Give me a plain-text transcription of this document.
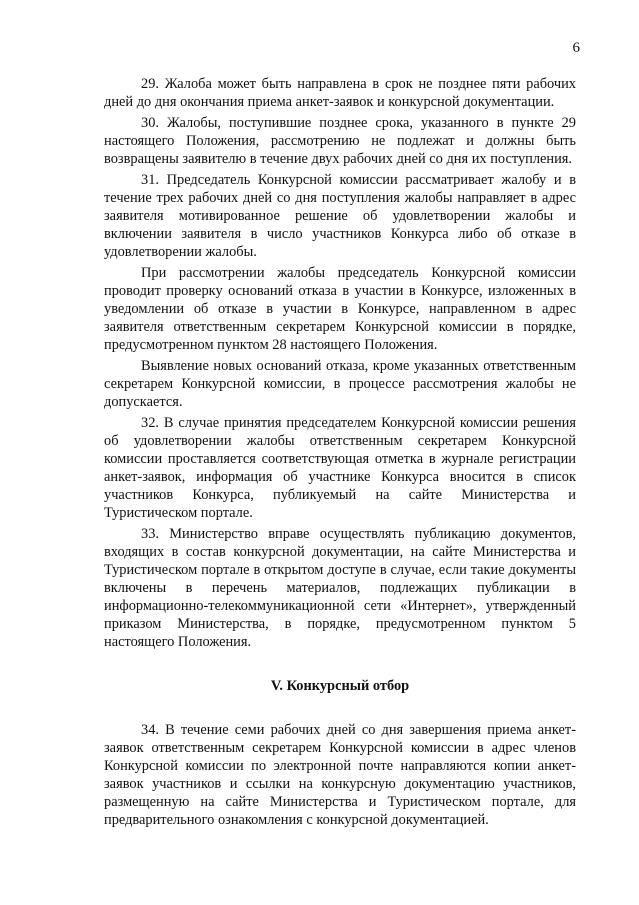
6

29. Жалоба может быть направлена в срок не позднее пяти рабочих дней до дня окончания приема анкет-заявок и конкурсной документации.

30. Жалобы, поступившие позднее срока, указанного в пункте 29 настоящего Положения, рассмотрению не подлежат и должны быть возвращены заявителю в течение двух рабочих дней со дня их поступления.

31. Председатель Конкурсной комиссии рассматривает жалобу и в течение трех рабочих дней со дня поступления жалобы направляет в адрес заявителя мотивированное решение об удовлетворении жалобы и включении заявителя в число участников Конкурса либо об отказе в удовлетворении жалобы.

При рассмотрении жалобы председатель Конкурсной комиссии проводит проверку оснований отказа в участии в Конкурсе, изложенных в уведомлении об отказе в участии в Конкурсе, направленном в адрес заявителя ответственным секретарем Конкурсной комиссии в порядке, предусмотренном пунктом 28 настоящего Положения.

Выявление новых оснований отказа, кроме указанных ответственным секретарем Конкурсной комиссии, в процессе рассмотрения жалобы не допускается.

32. В случае принятия председателем Конкурсной комиссии решения об удовлетворении жалобы ответственным секретарем Конкурсной комиссии проставляется соответствующая отметка в журнале регистрации анкет-заявок, информация об участнике Конкурса вносится в список участников Конкурса, публикуемый на сайте Министерства и Туристическом портале.

33. Министерство вправе осуществлять публикацию документов, входящих в состав конкурсной документации, на сайте Министерства и Туристическом портале в открытом доступе в случае, если такие документы включены в перечень материалов, подлежащих публикации в информационно-телекоммуникационной сети «Интернет», утвержденный приказом Министерства, в порядке, предусмотренном пунктом 5 настоящего Положения.

V. Конкурсный отбор

34. В течение семи рабочих дней со дня завершения приема анкет-заявок ответственным секретарем Конкурсной комиссии в адрес членов Конкурсной комиссии по электронной почте направляются копии анкет-заявок участников и ссылки на конкурсную документацию участников, размещенную на сайте Министерства и Туристическом портале, для предварительного ознакомления с конкурсной документацией.
